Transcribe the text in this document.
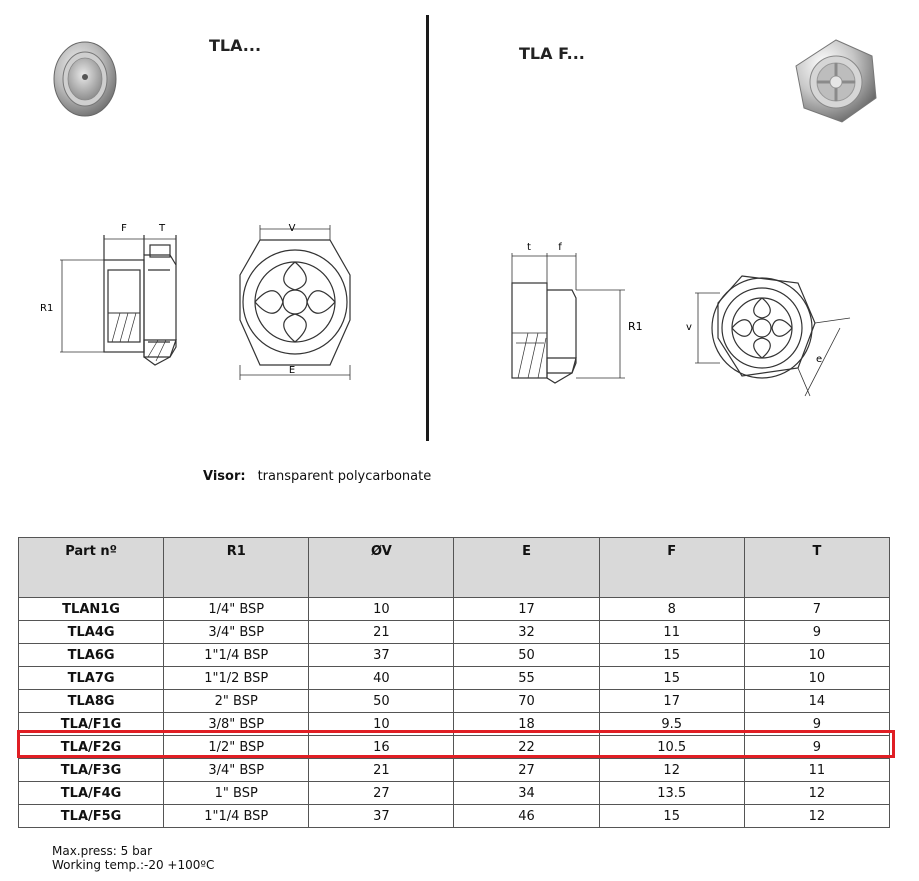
TLA...	TLA F...
F	T
R1
V
E
t	f
R1	v
e
Visor: transparent polycarbonate
Part nº	R1	ØV	E	F	T
TLAN1G	1/4" BSP	10	17	8	7
TLA4G	3/4" BSP	21	32	11	9
TLA6G	1"1/4 BSP	37	50	15	10
TLA7G	1"1/2 BSP	40	55	15	10
TLA8G	2" BSP	50	70	17	14
TLA/F1G	3/8" BSP	10	18	9.5	9
TLA/F2G	1/2" BSP	16	22	10.5	9
TLA/F3G	3/4" BSP	21	27	12	11
TLA/F4G	1" BSP	27	34	13.5	12
TLA/F5G	1"1/4 BSP	37	46	15	12
Max.press: 5 bar
Working temp.:-20 +100ºC
